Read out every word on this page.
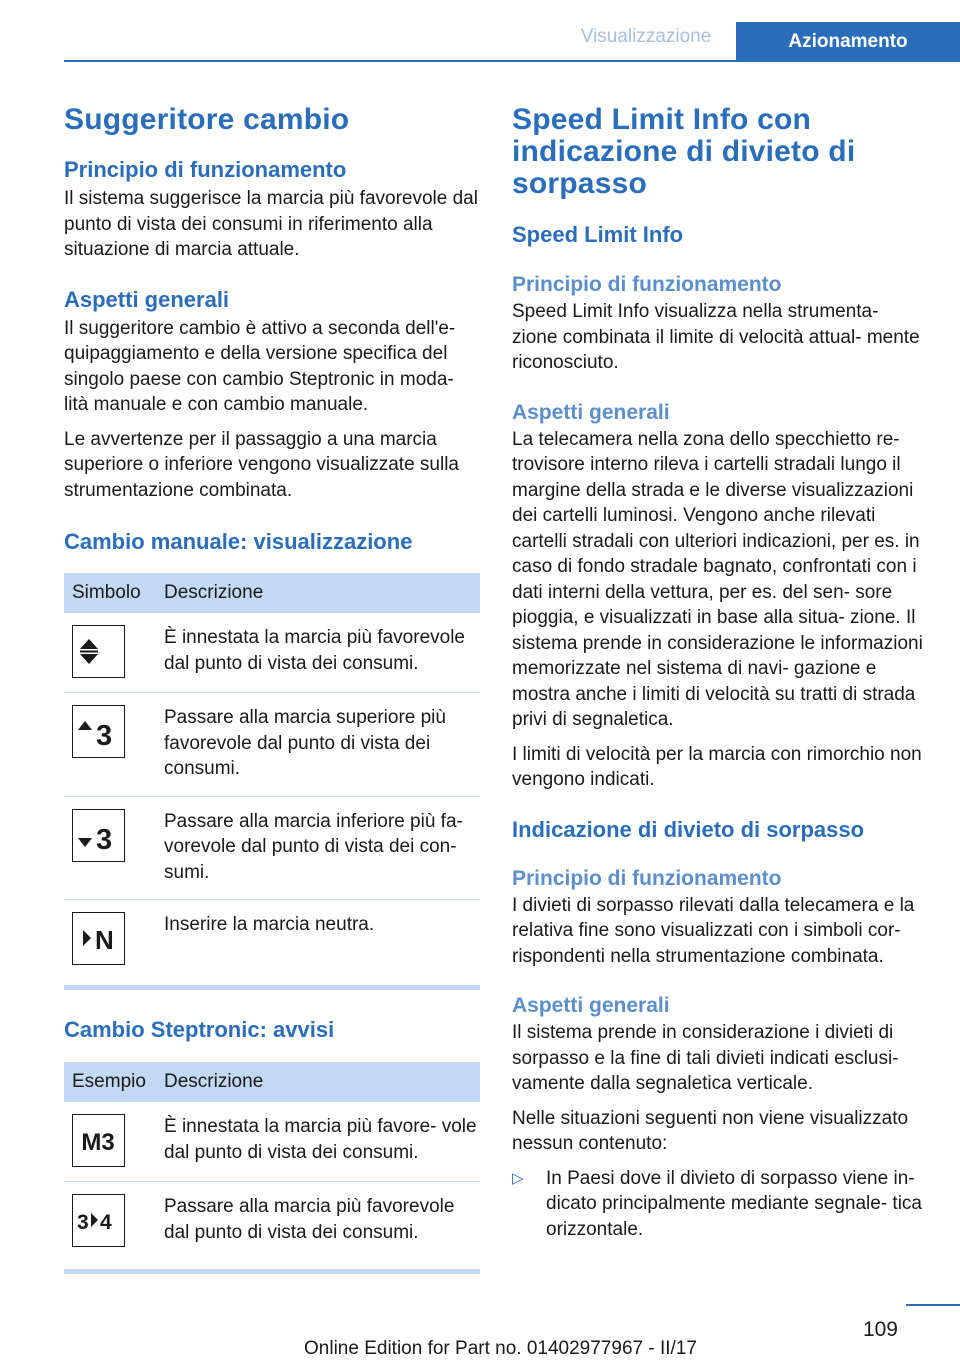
Visualizzazione	Azionamento
Suggeritore cambio
Principio di funzionamento

Il sistema suggerisce la marcia più favorevole dal punto di vista dei consumi in riferimento alla situazione di marcia attuale.

Aspetti generali

Il suggeritore cambio è attivo a seconda dell'e- quipaggiamento e della versione specifica del singolo paese con cambio Steptronic in moda- lità manuale e con cambio manuale.

Le avvertenze per il passaggio a una marcia superiore o inferiore vengono visualizzate sulla strumentazione combinata.

Cambio manuale: visualizzazione
Simbolo	Descrizione

	È innestata la marcia più favorevole dal punto di vista dei consumi.

3	Passare alla marcia superiore più favorevole dal punto di vista dei consumi.

3	Passare alla marcia inferiore più fa- vorevole dal punto di vista dei con- sumi.

N	Inserire la marcia neutra.
Cambio Steptronic: avvisi
Esempio	Descrizione

M3	È innestata la marcia più favore- vole dal punto di vista dei consumi.

3 4	Passare alla marcia più favorevole dal punto di vista dei consumi.
Speed Limit Info con indicazione di divieto di sorpasso
Speed Limit Info
Principio di funzionamento

Speed Limit Info visualizza nella strumenta- zione combinata il limite di velocità attual- mente riconosciuto.

Aspetti generali

La telecamera nella zona dello specchietto re- trovisore interno rileva i cartelli stradali lungo il margine della strada e le diverse visualizzazioni dei cartelli luminosi. Vengono anche rilevati cartelli stradali con ulteriori indicazioni, per es. in caso di fondo stradale bagnato, confrontati con i dati interni della vettura, per es. del sen- sore pioggia, e visualizzati in base alla situa- zione. Il sistema prende in considerazione le informazioni memorizzate nel sistema di navi- gazione e mostra anche i limiti di velocità su tratti di strada privi di segnaletica.

I limiti di velocità per la marcia con rimorchio non vengono indicati.

Indicazione di divieto di sorpasso
Principio di funzionamento

I divieti di sorpasso rilevati dalla telecamera e la relativa fine sono visualizzati con i simboli cor- rispondenti nella strumentazione combinata.

Aspetti generali

Il sistema prende in considerazione i divieti di sorpasso e la fine di tali divieti indicati esclusi- vamente dalla segnaletica verticale.

Nelle situazioni seguenti non viene visualizzato nessun contenuto:

▷ In Paesi dove il divieto di sorpasso viene in- dicato principalmente mediante segnale- tica orizzontale.
109
Online Edition for Part no. 01402977967 - II/17
